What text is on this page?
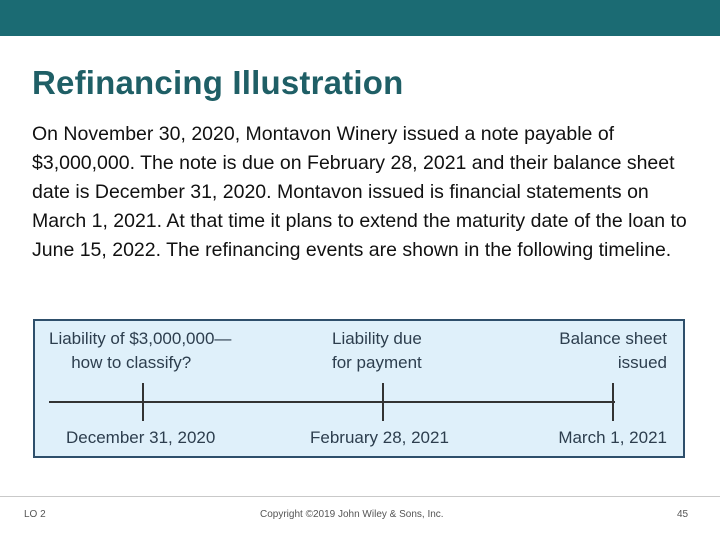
Refinancing Illustration

On November 30, 2020, Montavon Winery issued a note payable of $3,000,000. The note is due on February 28, 2021 and their balance sheet date is December 31, 2020. Montavon issued is financial statements on March 1, 2021. At that time it plans to extend the maturity date of the loan to June 15, 2022. The refinancing events are shown in the following timeline.

Liability of $3,000,000—
how to classify?
Liability due
for payment
Balance sheet
issued
December 31, 2020	February 28, 2021	March 1, 2021
LO 2	Copyright ©2019 John Wiley & Sons, Inc.	45
